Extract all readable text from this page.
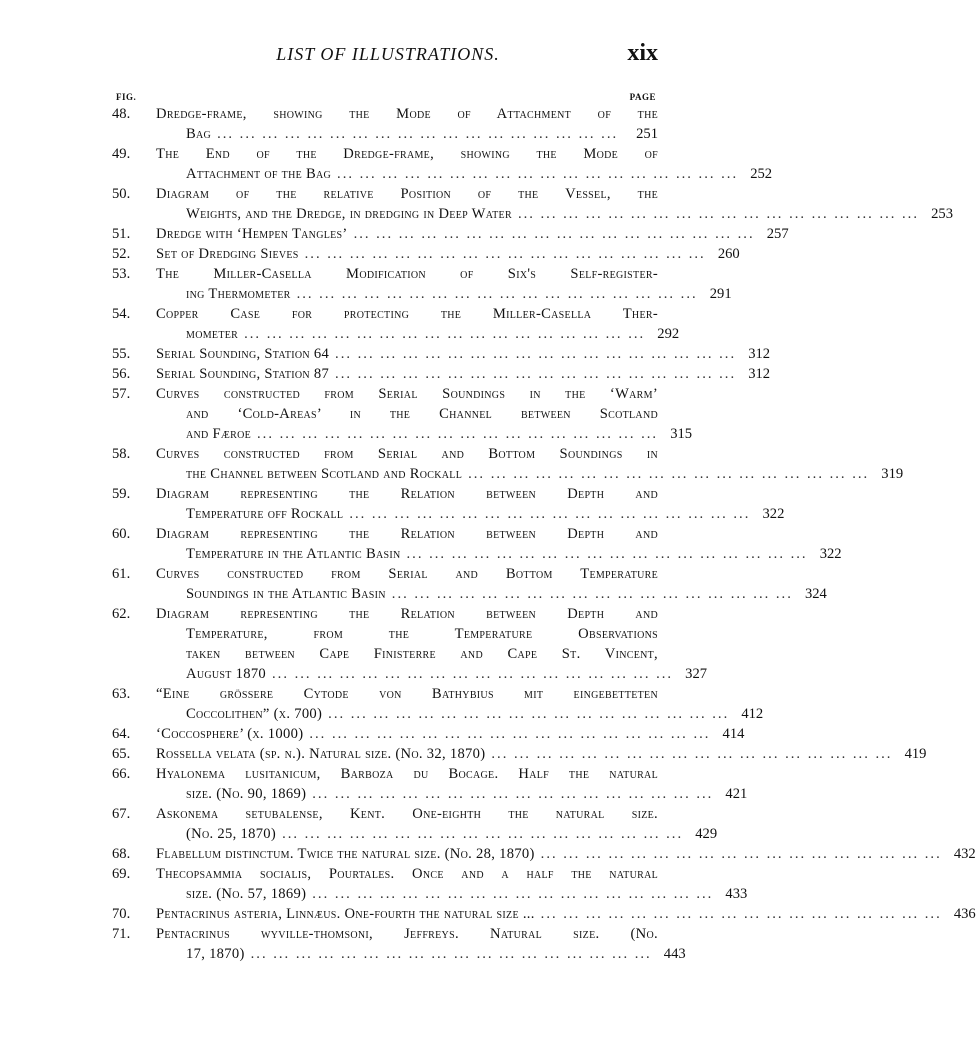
LIST OF ILLUSTRATIONS.	xix
FIG.	PAGE
48.	Dredge-frame, showing the Mode of Attachment of the
Bag ... ... ... ... ... ... ... ... ... ... ... ... ... ... ... ... ... ...	251
49.	The End of the Dredge-frame, showing the Mode of
Attachment of the Bag ... ... ... ... ... ... ... ... ... ... ... ... ... ... ... ... ... ... 252
50.	Diagram of the relative Position of the Vessel, the
Weights, and the Dredge, in dredging in Deep Water ... ... ... ... ... ... ... ... ... ... ... ... ... ... ... ... ... ... 253
51.	Dredge with ‘Hempen Tangles’ ... ... ... ... ... ... ... ... ... ... ... ... ... ... ... ... ... ... 257
52.	Set of Dredging Sieves ... ... ... ... ... ... ... ... ... ... ... ... ... ... ... ... ... ... 260
53.	The Miller-Casella Modification of Six's Self-register-
ing Thermometer ... ... ... ... ... ... ... ... ... ... ... ... ... ... ... ... ... ... 291
54.	Copper Case for protecting the Miller-Casella Ther-
mometer ... ... ... ... ... ... ... ... ... ... ... ... ... ... ... ... ... ... 292
55.	Serial Sounding, Station 64 ... ... ... ... ... ... ... ... ... ... ... ... ... ... ... ... ... ... 312
56.	Serial Sounding, Station 87 ... ... ... ... ... ... ... ... ... ... ... ... ... ... ... ... ... ... 312
57.	Curves constructed from Serial Soundings in the ‘Warm’
and ‘Cold-Areas’ in the Channel between Scotland
and Færoe ... ... ... ... ... ... ... ... ... ... ... ... ... ... ... ... ... ... 315
58.	Curves constructed from Serial and Bottom Soundings in
the Channel between Scotland and Rockall ... ... ... ... ... ... ... ... ... ... ... ... ... ... ... ... ... ... 319
59.	Diagram representing the Relation between Depth and
Temperature off Rockall ... ... ... ... ... ... ... ... ... ... ... ... ... ... ... ... ... ... 322
60.	Diagram representing the Relation between Depth and
Temperature in the Atlantic Basin ... ... ... ... ... ... ... ... ... ... ... ... ... ... ... ... ... ... 322
61.	Curves constructed from Serial and Bottom Temperature
Soundings in the Atlantic Basin ... ... ... ... ... ... ... ... ... ... ... ... ... ... ... ... ... ... 324
62.	Diagram representing the Relation between Depth and
Temperature, from the Temperature Observations
taken between Cape Finisterre and Cape St. Vincent,
August 1870 ... ... ... ... ... ... ... ... ... ... ... ... ... ... ... ... ... ... 327
63.	“Eine grössere Cytode von Bathybius mit eingebetteten
Coccolithen” (x. 700) ... ... ... ... ... ... ... ... ... ... ... ... ... ... ... ... ... ... 412
64.	‘Coccosphere’ (x. 1000) ... ... ... ... ... ... ... ... ... ... ... ... ... ... ... ... ... ... 414
65.	Rossella velata (sp. n.). Natural size. (No. 32, 1870) ... ... ... ... ... ... ... ... ... ... ... ... ... ... ... ... ... ... 419
66.	Hyalonema lusitanicum, Barboza du Bocage. Half the natural
size. (No. 90, 1869) ... ... ... ... ... ... ... ... ... ... ... ... ... ... ... ... ... ... 421
67.	Askonema setubalense, Kent. One-eighth the natural size.
(No. 25, 1870) ... ... ... ... ... ... ... ... ... ... ... ... ... ... ... ... ... ... 429
68.	Flabellum distinctum. Twice the natural size. (No. 28, 1870) ... ... ... ... ... ... ... ... ... ... ... ... ... ... ... ... ... ... 432
69.	Thecopsammia socialis, Pourtales. Once and a half the natural
size. (No. 57, 1869) ... ... ... ... ... ... ... ... ... ... ... ... ... ... ... ... ... ... 433
70.	Pentacrinus asteria, Linnæus. One-fourth the natural size ... ... ... ... ... ... ... ... ... ... ... ... ... ... ... ... ... ... ... 436
71.	Pentacrinus wyville-thomsoni, Jeffreys. Natural size. (No.
17, 1870) ... ... ... ... ... ... ... ... ... ... ... ... ... ... ... ... ... ... 443
